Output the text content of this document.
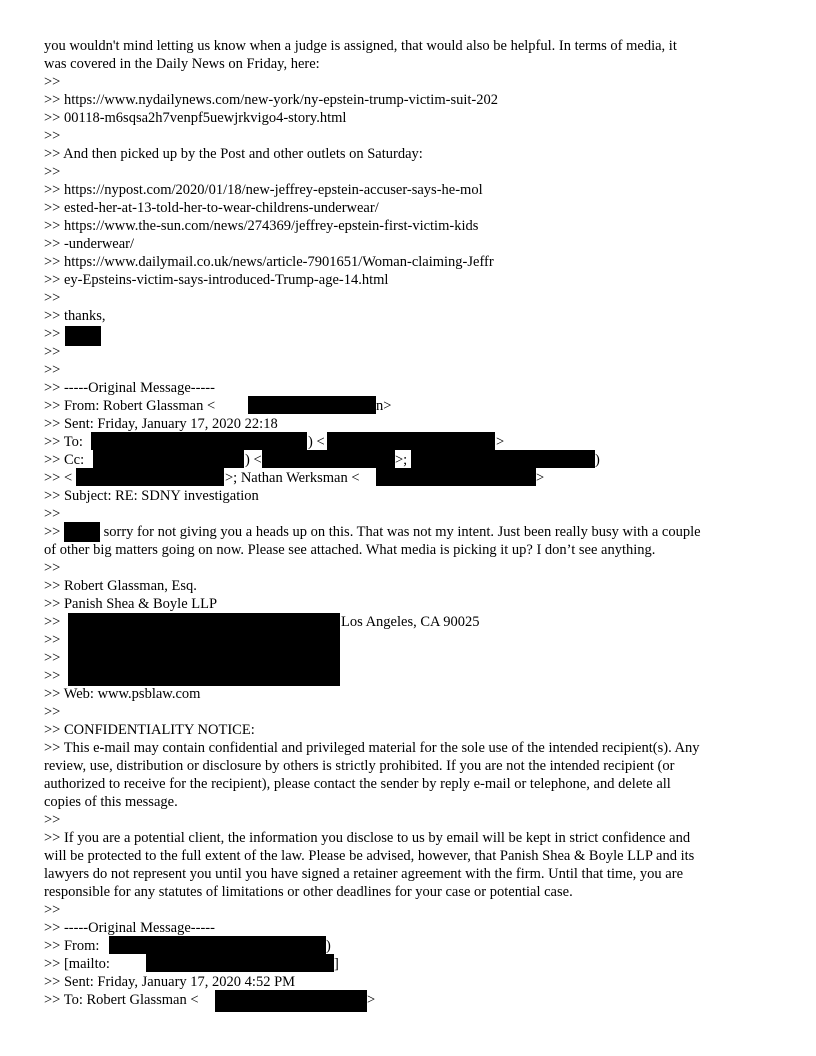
you wouldn't mind letting us know when a judge is assigned, that would also be helpful. In terms of media, it
was covered in the Daily News on Friday, here:
>>
>> https://www.nydailynews.com/new-york/ny-epstein-trump-victim-suit-202
>> 00118-m6sqsa2h7venpf5uewjrkvigo4-story.html
>>
>> And then picked up by the Post and other outlets on Saturday:
>>
>> https://nypost.com/2020/01/18/new-jeffrey-epstein-accuser-says-he-mol
>> ested-her-at-13-told-her-to-wear-childrens-underwear/
>> https://www.the-sun.com/news/274369/jeffrey-epstein-first-victim-kids
>> -underwear/
>> https://www.dailymail.co.uk/news/article-7901651/Woman-claiming-Jeffr
>> ey-Epsteins-victim-says-introduced-Trump-age-14.html
>>
>> thanks,
>>
>>
>>
>> -----Original Message-----
>> From: Robert Glassman <	n>
>> Sent: Friday, January 17, 2020 22:18
>> To:	) <	>
>> Cc:	) <	>;	)
>> <	>; Nathan Werksman <	>
>> Subject: RE: SDNY investigation
>>
>>	sorry for not giving you a heads up on this. That was not my intent. Just been really busy with a couple
of other big matters going on now. Please see attached. What media is picking it up? I don’t see anything.
>>
>> Robert Glassman, Esq.
>> Panish Shea & Boyle LLP
>>	Los Angeles, CA 90025
>>
>>
>>
>> Web: www.psblaw.com
>>
>> CONFIDENTIALITY NOTICE:
>> This e-mail may contain confidential and privileged material for the sole use of the intended recipient(s). Any
review, use, distribution or disclosure by others is strictly prohibited. If you are not the intended recipient (or
authorized to receive for the recipient), please contact the sender by reply e-mail or telephone, and delete all
copies of this message.
>>
>> If you are a potential client, the information you disclose to us by email will be kept in strict confidence and
will be protected to the full extent of the law. Please be advised, however, that Panish Shea & Boyle LLP and its
lawyers do not represent you until you have signed a retainer agreement with the firm. Until that time, you are
responsible for any statutes of limitations or other deadlines for your case or potential case.
>>
>> -----Original Message-----
>> From:	)
>> [mailto:	]
>> Sent: Friday, January 17, 2020 4:52 PM
>> To: Robert Glassman <	>
